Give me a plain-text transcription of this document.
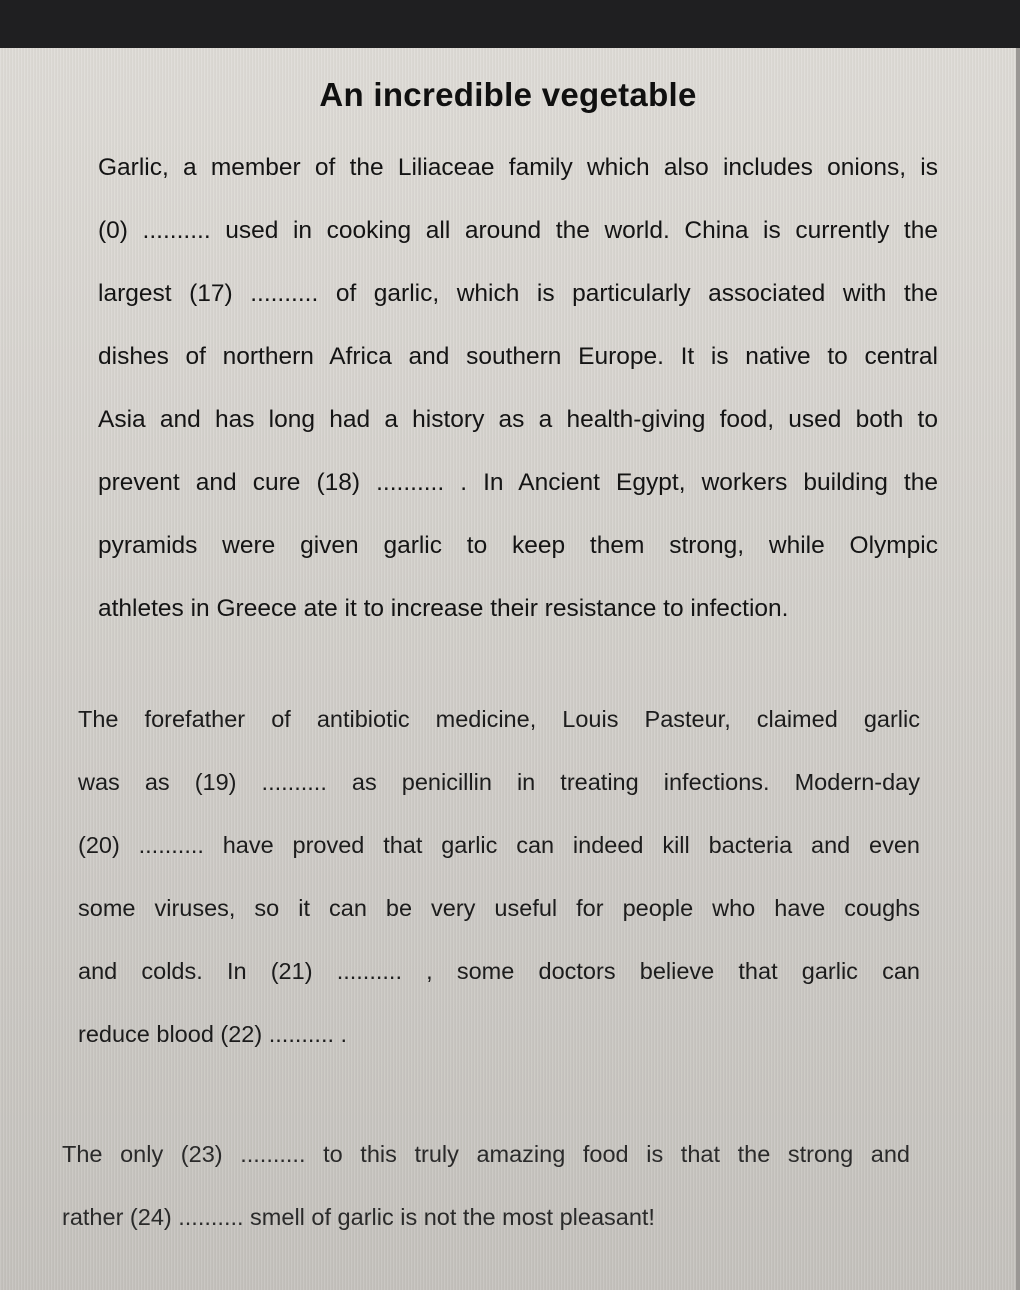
An incredible vegetable
Garlic, a member of the Liliaceae family which also includes onions, is
(0) .......... used in cooking all around the world. China is currently the
largest (17) .......... of garlic, which is particularly associated with the
dishes of northern Africa and southern Europe. It is native to central
Asia and has long had a history as a health-giving food, used both to
prevent and cure (18) .......... . In Ancient Egypt, workers building the
pyramids were given garlic to keep them strong, while Olympic
athletes in Greece ate it to increase their resistance to infection.
The forefather of antibiotic medicine, Louis Pasteur, claimed garlic
was as (19) .......... as penicillin in treating infections. Modern-day
(20) .......... have proved that garlic can indeed kill bacteria and even
some viruses, so it can be very useful for people who have coughs
and colds. In (21) .......... , some doctors believe that garlic can
reduce blood (22) .......... .
The only (23) .......... to this truly amazing food is that the strong and
rather (24) .......... smell of garlic is not the most pleasant!
